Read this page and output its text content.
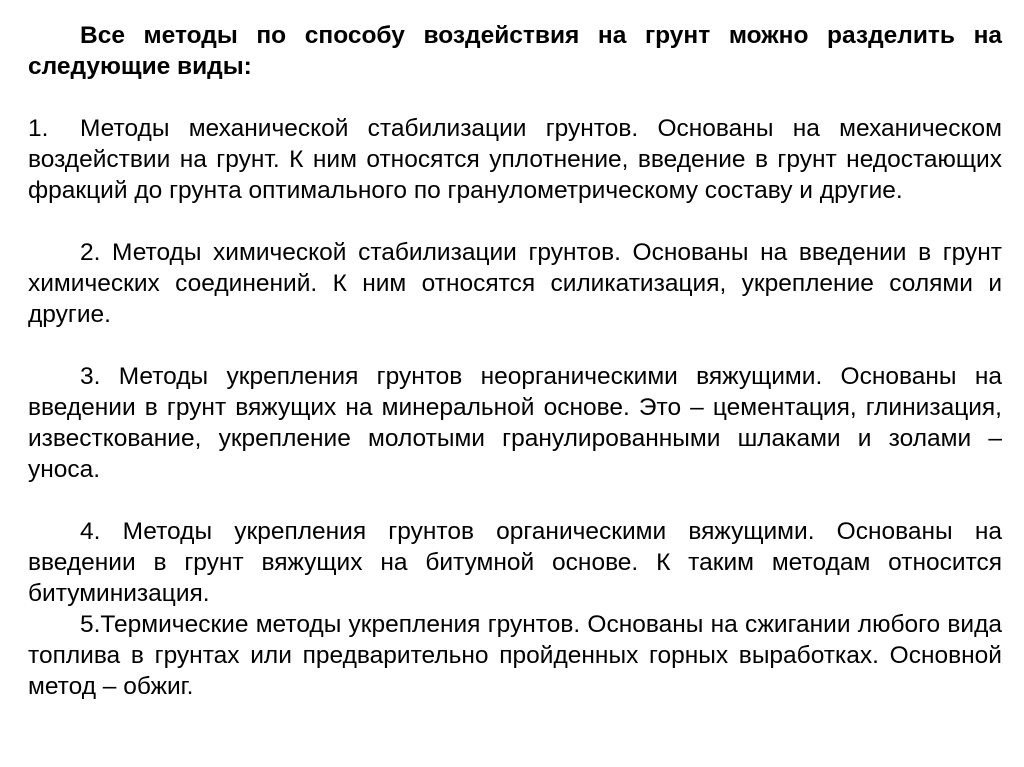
Все методы по способу воздействия на грунт можно разделить на следующие виды:

1. Методы механической стабилизации грунтов. Основаны на механическом воздействии на грунт. К ним относятся уплотнение, введение в грунт недостающих фракций до грунта оптимального по гранулометрическому составу и другие.

2. Методы химической стабилизации грунтов. Основаны на введении в грунт химических соединений. К ним относятся силикатизация, укрепление солями и другие.

3. Методы укрепления грунтов неорганическими вяжущими. Основаны на введении в грунт вяжущих на минеральной основе. Это – цементация, глинизация, известкование, укрепление молотыми гранулированными шлаками и золами – уноса.

4. Методы укрепления грунтов органическими вяжущими. Основаны на введении в грунт вяжущих на битумной основе. К таким методам относится битуминизация.

5.Термические методы укрепления грунтов. Основаны на сжигании любого вида топлива в грунтах или предварительно пройденных горных выработках. Основной метод – обжиг.
